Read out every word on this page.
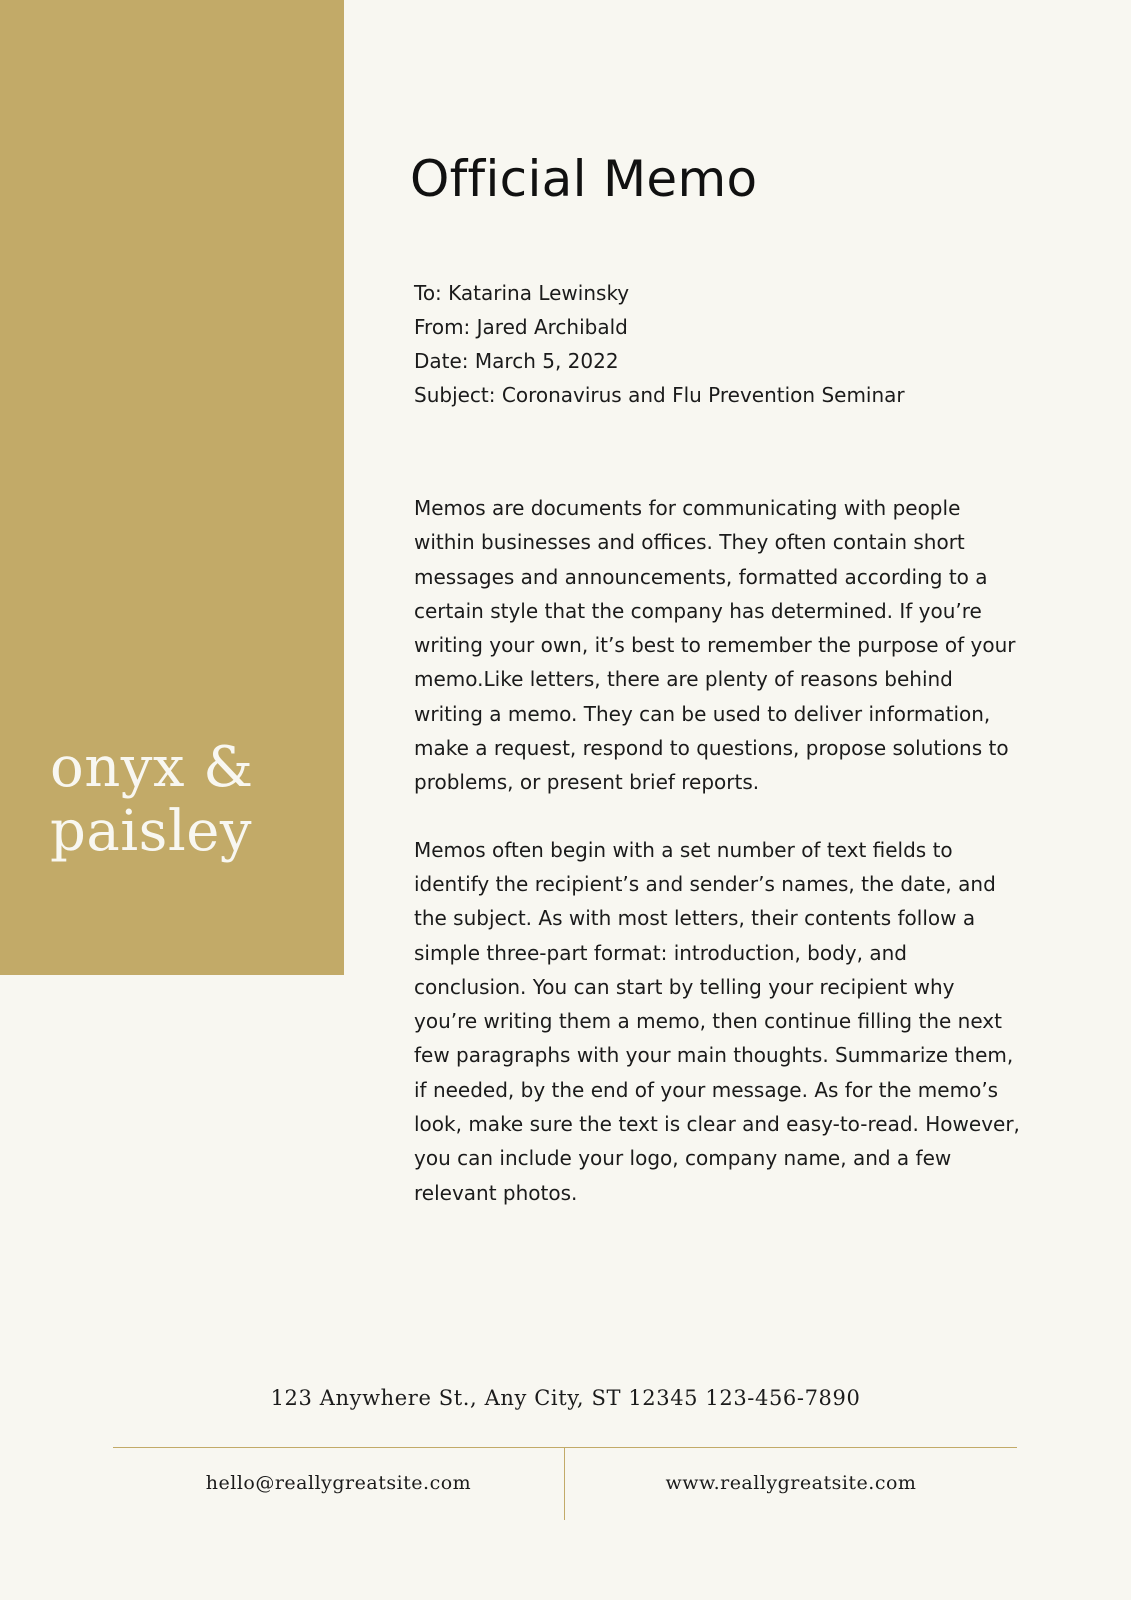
onyx &
paisley
Official Memo
To: Katarina Lewinsky
From: Jared Archibald
Date: March 5, 2022
Subject: Coronavirus and Flu Prevention Seminar

Memos are documents for communicating with people within businesses and offices. They often contain short messages and announcements, formatted according to a certain style that the company has determined. If you’re writing your own, it’s best to remember the purpose of your memo.Like letters, there are plenty of reasons behind writing a memo. They can be used to deliver information, make a request, respond to questions, propose solutions to problems, or present brief reports.

Memos often begin with a set number of text fields to identify the recipient’s and sender’s names, the date, and the subject. As with most letters, their contents follow a simple three-part format: introduction, body, and conclusion. You can start by telling your recipient why you’re writing them a memo, then continue filling the next few paragraphs with your main thoughts. Summarize them, if needed, by the end of your message. As for the memo’s look, make sure the text is clear and easy-to-read. However, you can include your logo, company name, and a few relevant photos.

123 Anywhere St., Any City, ST 12345 123-456-7890
hello@reallygreatsite.com	www.reallygreatsite.com
